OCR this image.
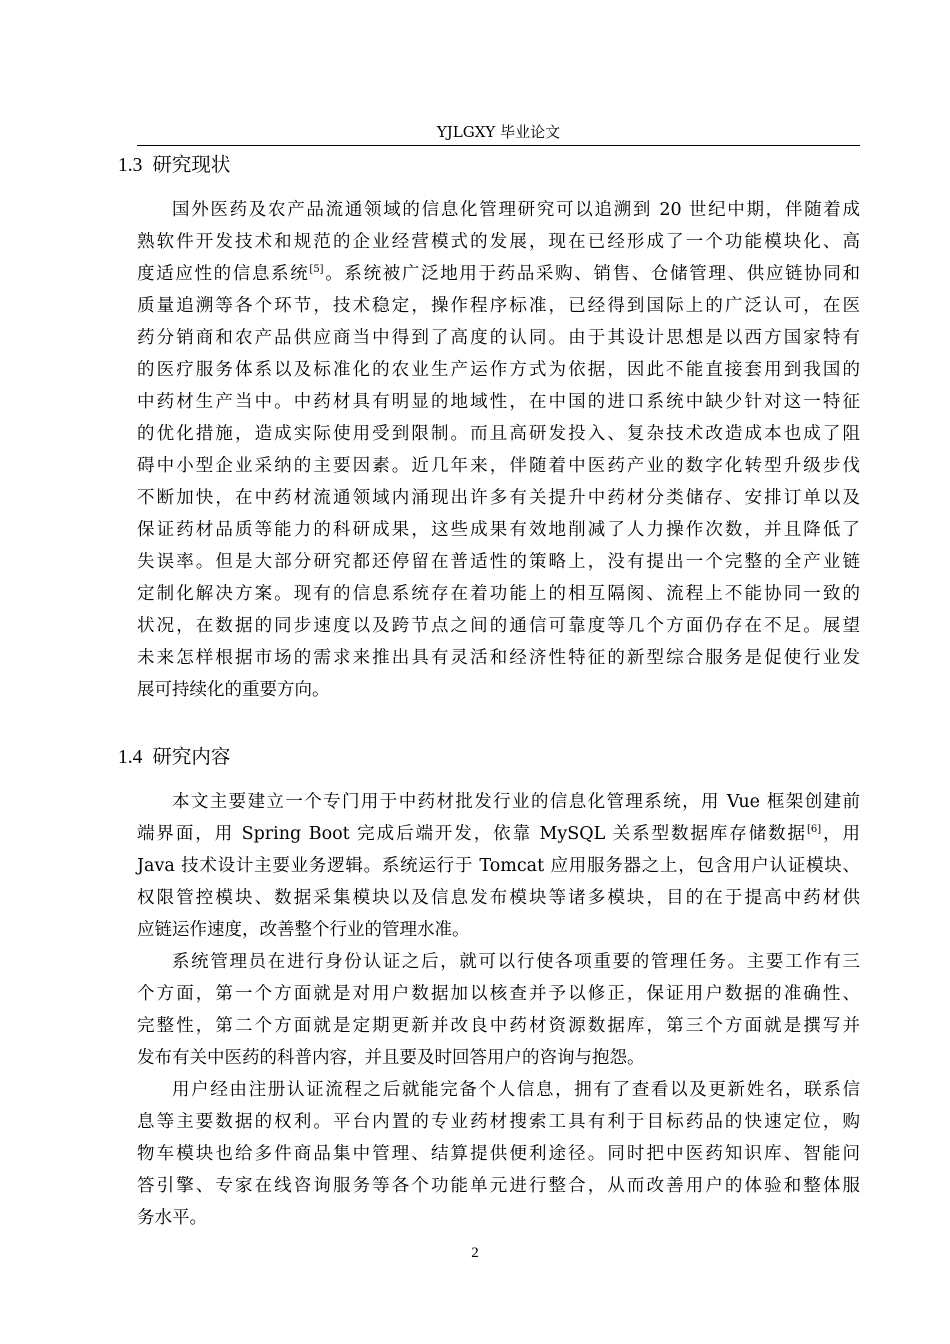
YJLGXY 毕业论文
1.3 研究现状
国外医药及农产品流通领域的信息化管理研究可以追溯到 20 世纪中期，伴随着成
熟软件开发技术和规范的企业经营模式的发展，现在已经形成了一个功能模块化、高
度适应性的信息系统[5]。系统被广泛地用于药品采购、销售、仓储管理、供应链协同和
质量追溯等各个环节，技术稳定，操作程序标准，已经得到国际上的广泛认可，在医
药分销商和农产品供应商当中得到了高度的认同。由于其设计思想是以西方国家特有
的医疗服务体系以及标准化的农业生产运作方式为依据，因此不能直接套用到我国的
中药材生产当中。中药材具有明显的地域性，在中国的进口系统中缺少针对这一特征
的优化措施，造成实际使用受到限制。而且高研发投入、复杂技术改造成本也成了阻
碍中小型企业采纳的主要因素。近几年来，伴随着中医药产业的数字化转型升级步伐
不断加快，在中药材流通领域内涌现出许多有关提升中药材分类储存、安排订单以及
保证药材品质等能力的科研成果，这些成果有效地削减了人力操作次数，并且降低了
失误率。但是大部分研究都还停留在普适性的策略上，没有提出一个完整的全产业链
定制化解决方案。现有的信息系统存在着功能上的相互隔阂、流程上不能协同一致的
状况，在数据的同步速度以及跨节点之间的通信可靠度等几个方面仍存在不足。展望
未来怎样根据市场的需求来推出具有灵活和经济性特征的新型综合服务是促使行业发
展可持续化的重要方向。
1.4 研究内容
本文主要建立一个专门用于中药材批发行业的信息化管理系统，用 Vue 框架创建前
端界面，用 Spring Boot 完成后端开发，依靠 MySQL 关系型数据库存储数据[6]，用
Java 技术设计主要业务逻辑。系统运行于 Tomcat 应用服务器之上，包含用户认证模块、
权限管控模块、数据采集模块以及信息发布模块等诸多模块，目的在于提高中药材供
应链运作速度，改善整个行业的管理水准。
系统管理员在进行身份认证之后，就可以行使各项重要的管理任务。主要工作有三
个方面，第一个方面就是对用户数据加以核查并予以修正，保证用户数据的准确性、
完整性，第二个方面就是定期更新并改良中药材资源数据库，第三个方面就是撰写并
发布有关中医药的科普内容，并且要及时回答用户的咨询与抱怨。
用户经由注册认证流程之后就能完备个人信息，拥有了查看以及更新姓名，联系信
息等主要数据的权利。平台内置的专业药材搜索工具有利于目标药品的快速定位，购
物车模块也给多件商品集中管理、结算提供便利途径。同时把中医药知识库、智能问
答引擎、专家在线咨询服务等各个功能单元进行整合，从而改善用户的体验和整体服
务水平。
2
